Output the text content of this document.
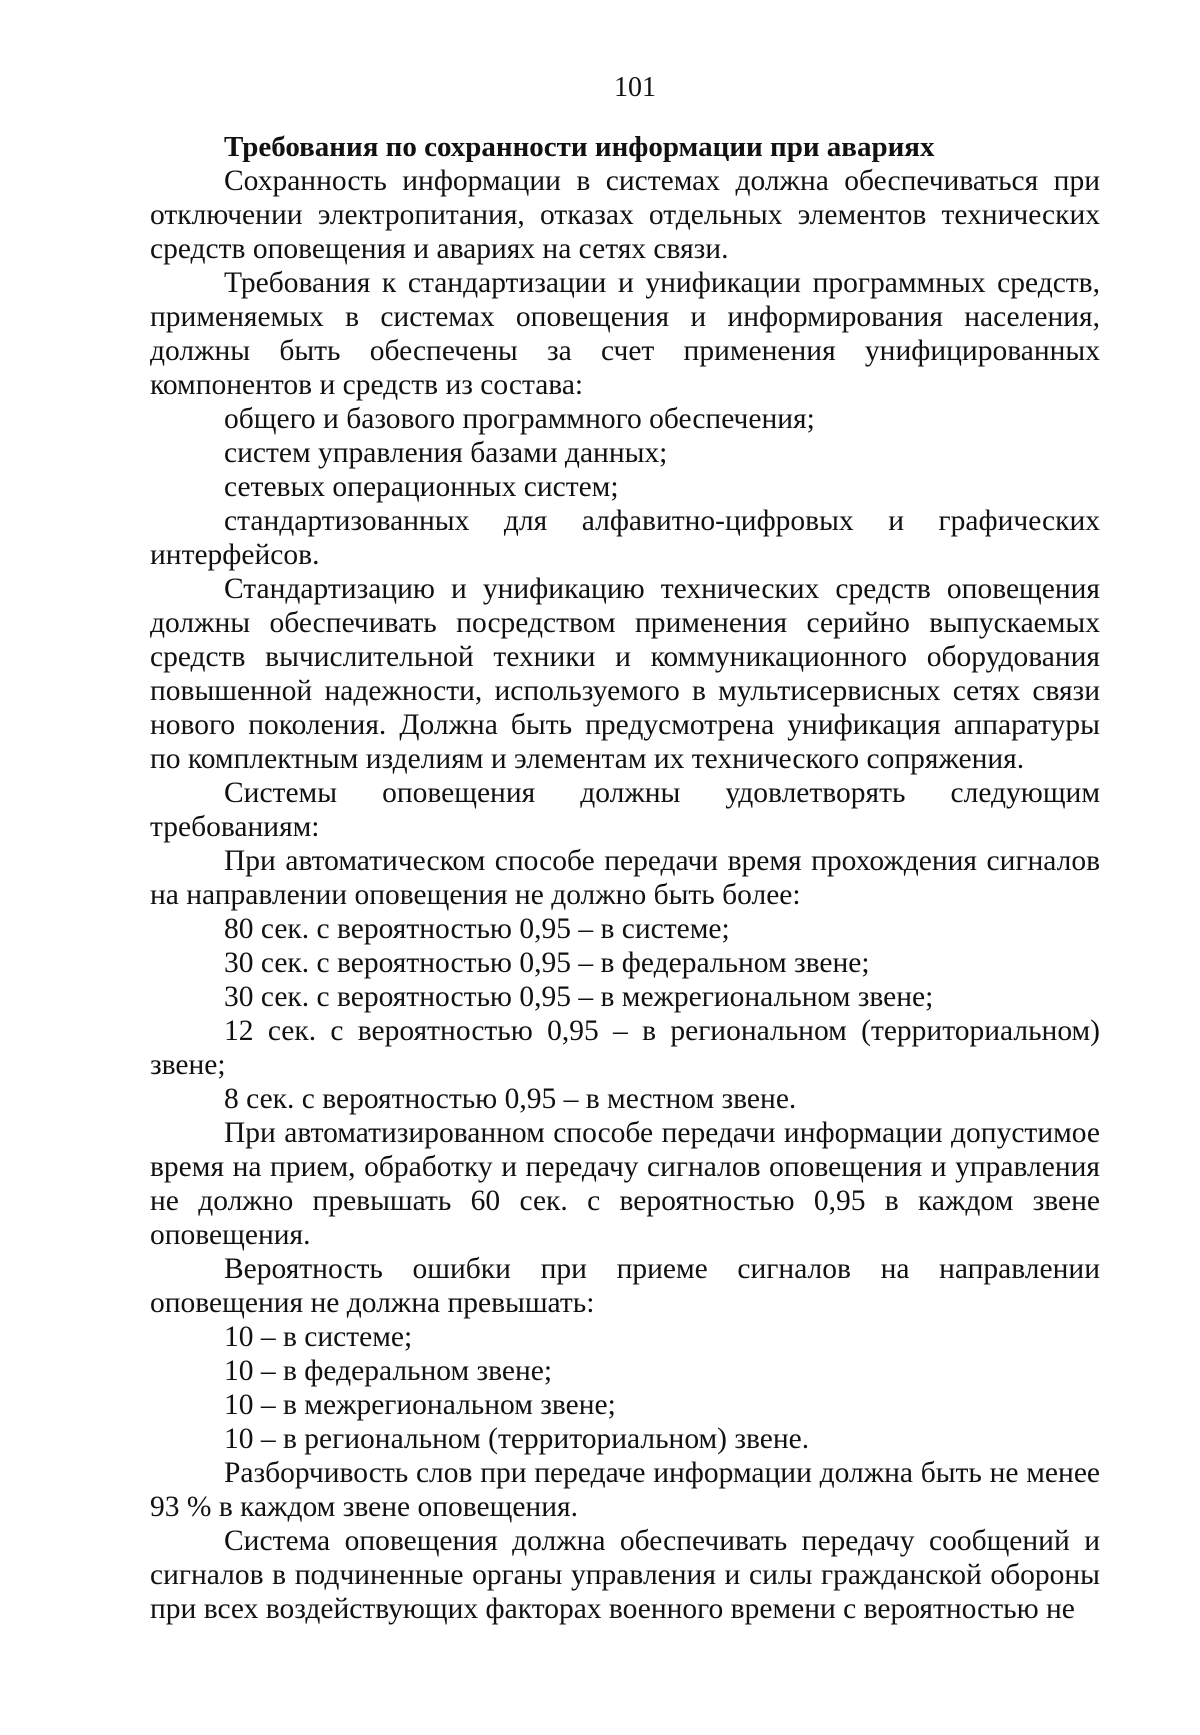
101

Требования по сохранности информации при авариях

Сохранность информации в системах должна обеспечиваться при отключении электропитания, отказах отдельных элементов технических средств оповещения и авариях на сетях связи.

Требования к стандартизации и унификации программных средств, применяемых в системах оповещения и информирования населения, должны быть обеспечены за счет применения унифицированных компонентов и средств из состава:

общего и базового программного обеспечения;

систем управления базами данных;

сетевых операционных систем;

стандартизованных для алфавитно-цифровых и графических интерфейсов.

Стандартизацию и унификацию технических средств оповещения должны обеспечивать посредством применения серийно выпускаемых средств вычислительной техники и коммуникационного оборудования повышенной надежности, используемого в мультисервисных сетях связи нового поколения. Должна быть предусмотрена унификация аппаратуры по комплектным изделиям и элементам их технического сопряжения.

Системы оповещения должны удовлетворять следующим требованиям:

При автоматическом способе передачи время прохождения сигналов на направлении оповещения не должно быть более:

80 сек. с вероятностью 0,95 – в системе;

30 сек. с вероятностью 0,95 – в федеральном звене;

30 сек. с вероятностью 0,95 – в межрегиональном звене;

12 сек. с вероятностью 0,95 – в региональном (территориальном) звене;

8 сек. с вероятностью 0,95 – в местном звене.

При автоматизированном способе передачи информации допустимое время на прием, обработку и передачу сигналов оповещения и управления не должно превышать 60 сек. с вероятностью 0,95 в каждом звене оповещения.

Вероятность ошибки при приеме сигналов на направлении оповещения не должна превышать:

10 – в системе;

10 – в федеральном звене;

10 – в межрегиональном звене;

10 – в региональном (территориальном) звене.

Разборчивость слов при передаче информации должна быть не менее 93 % в каждом звене оповещения.

Система оповещения должна обеспечивать передачу сообщений и сигналов в подчиненные органы управления и силы гражданской обороны при всех воздействующих факторах военного времени с вероятностью не
